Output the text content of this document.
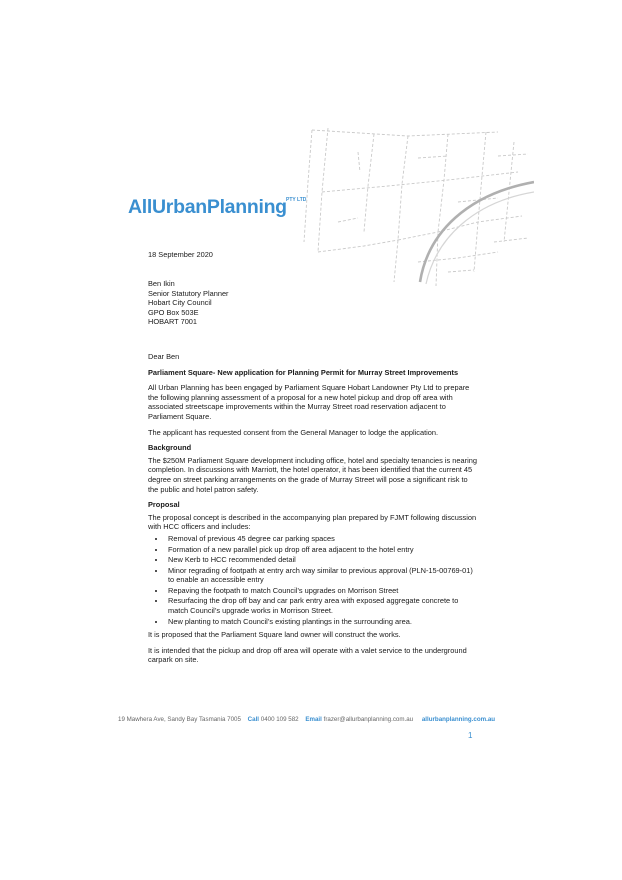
AllUrbanPlanning PTY LTD
18 September 2020
Ben Ikin
Senior Statutory Planner
Hobart City Council
GPO Box 503E
HOBART 7001

Dear Ben

Parliament Square- New application for Planning Permit for Murray Street Improvements

All Urban Planning has been engaged by Parliament Square Hobart Landowner Pty Ltd to prepare the following planning assessment of a proposal for a new hotel pickup and drop off area with associated streetscape improvements within the Murray Street road reservation adjacent to Parliament Square.

The applicant has requested consent from the General Manager to lodge the application.

Background

The $250M Parliament Square development including office, hotel and specialty tenancies is nearing completion. In discussions with Marriott, the hotel operator, it has been identified that the current 45 degree on street parking arrangements on the grade of Murray Street will pose a significant risk to the public and hotel patron safety.

Proposal

The proposal concept is described in the accompanying plan prepared by FJMT following discussion with HCC officers and includes:

• Removal of previous 45 degree car parking spaces
• Formation of a new parallel pick up drop off area adjacent to the hotel entry
• New Kerb to HCC recommended detail
• Minor regrading of footpath at entry arch way similar to previous approval (PLN-15-00769-01) to enable an accessible entry
• Repaving the footpath to match Council’s upgrades on Morrison Street
• Resurfacing the drop off bay and car park entry area with exposed aggregate concrete to match Council’s upgrade works in Morrison Street.
• New planting to match Council’s existing plantings in the surrounding area.

It is proposed that the Parliament Square land owner will construct the works.

It is intended that the pickup and drop off area will operate with a valet service to the underground carpark on site.

19 Mawhera Ave, Sandy Bay Tasmania 7005 Call 0400 109 582 Email frazer@allurbanplanning.com.au allurbanplanning.com.au
1
